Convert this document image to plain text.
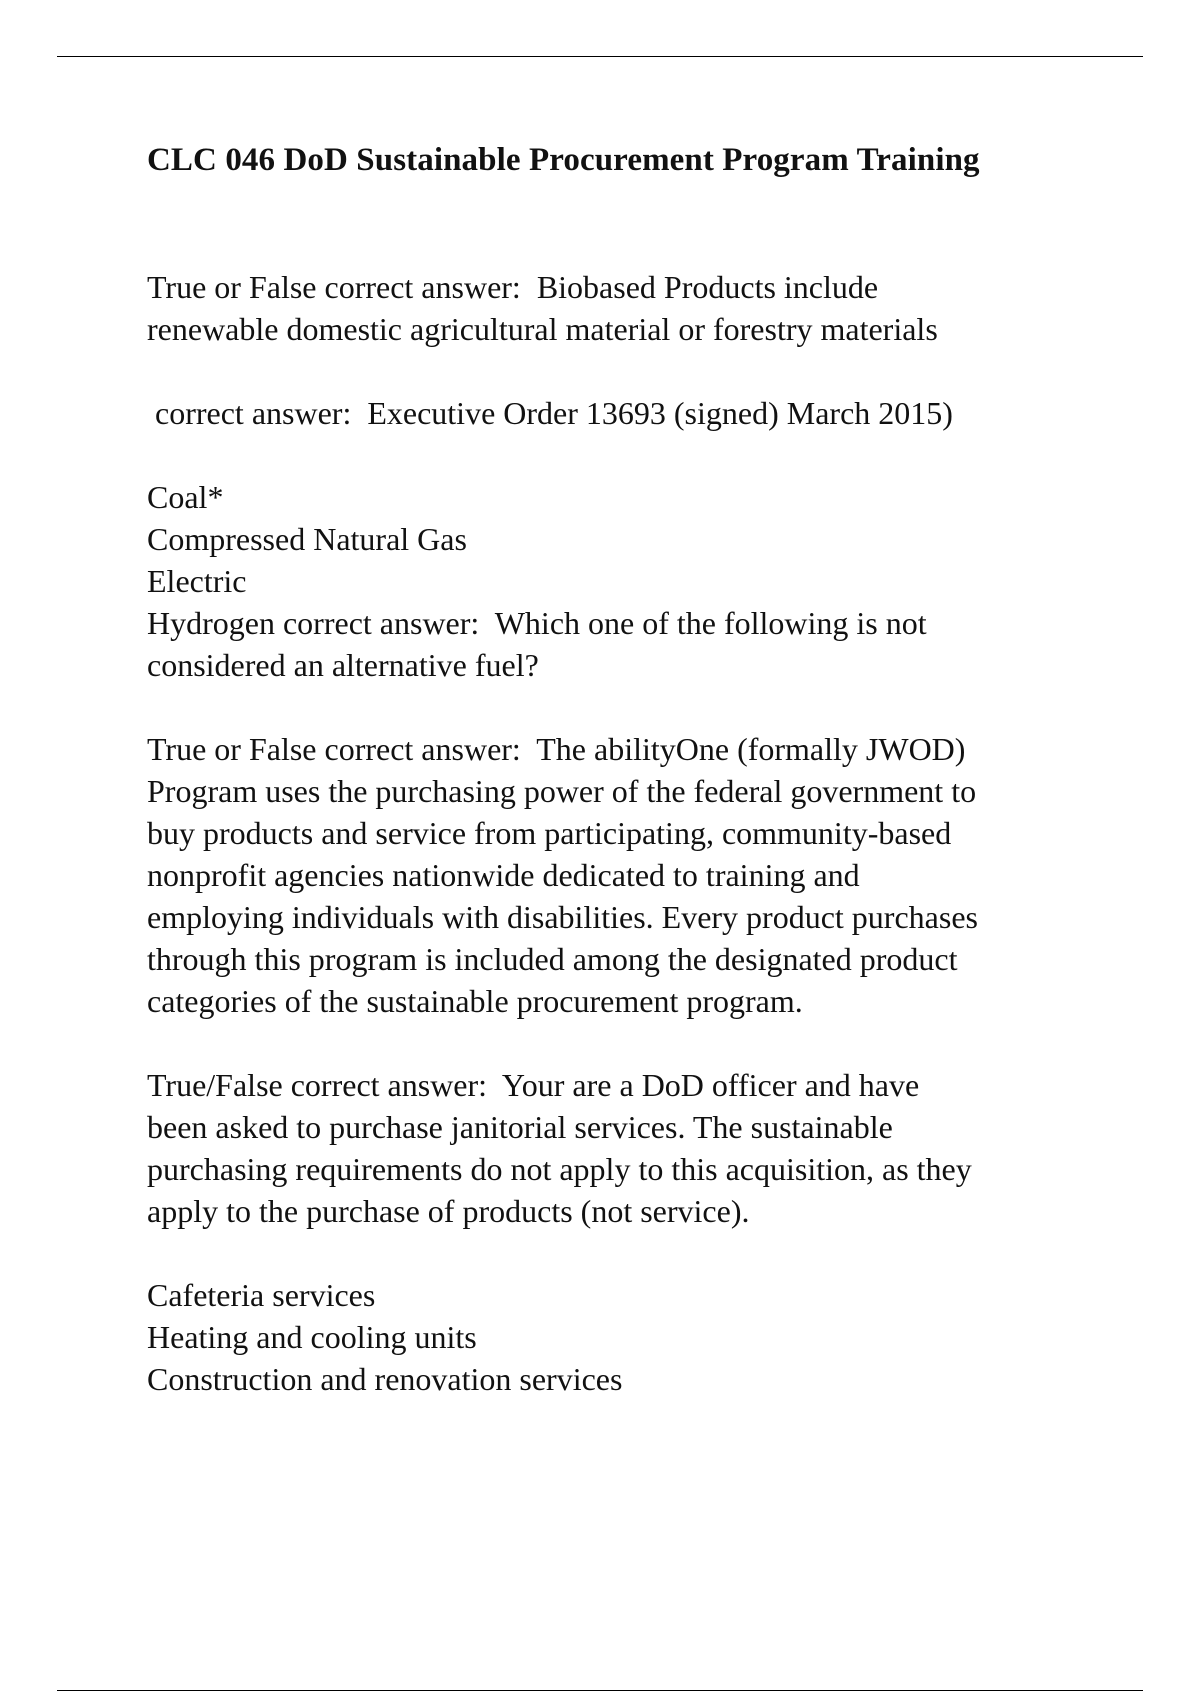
CLC 046 DoD Sustainable Procurement Program Training

True or False correct answer:  Biobased Products include
renewable domestic agricultural material or forestry materials

correct answer:  Executive Order 13693 (signed) March 2015)

Coal*
Compressed Natural Gas
Electric
Hydrogen correct answer:  Which one of the following is not
considered an alternative fuel?

True or False correct answer:  The abilityOne (formally JWOD)
Program uses the purchasing power of the federal government to
buy products and service from participating, community-based
nonprofit agencies nationwide dedicated to training and
employing individuals with disabilities. Every product purchases
through this program is included among the designated product
categories of the sustainable procurement program.

True/False correct answer:  Your are a DoD officer and have
been asked to purchase janitorial services. The sustainable
purchasing requirements do not apply to this acquisition, as they
apply to the purchase of products (not service).

Cafeteria services
Heating and cooling units
Construction and renovation services
